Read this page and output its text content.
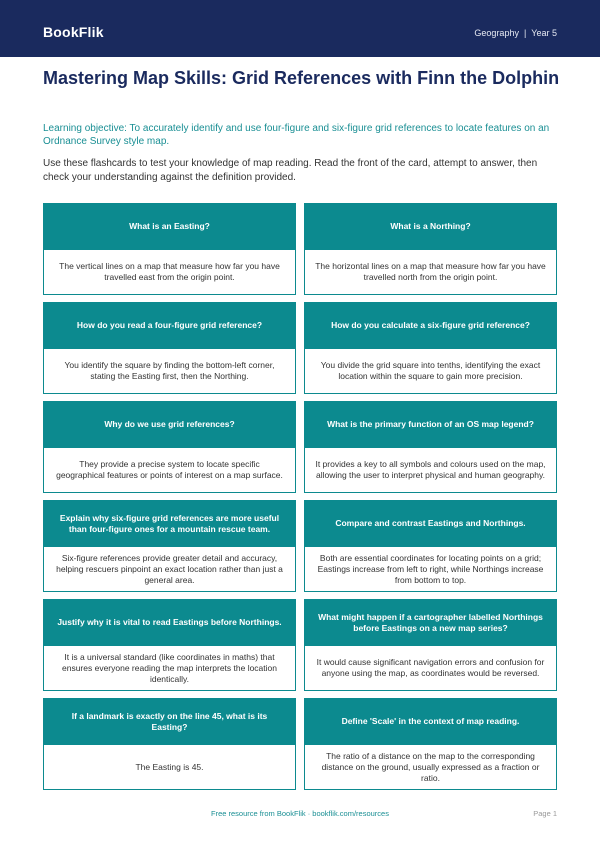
BookFlik	Geography | Year 5
Mastering Map Skills: Grid References with Finn the Dolphin

Learning objective: To accurately identify and use four-figure and six-figure grid references to locate features on an Ordnance Survey style map.

Use these flashcards to test your knowledge of map reading. Read the front of the card, attempt to answer, then check your understanding against the definition provided.

What is an Easting?
The vertical lines on a map that measure how far you have travelled east from the origin point.
What is a Northing?
The horizontal lines on a map that measure how far you have travelled north from the origin point.
How do you read a four-figure grid reference?
You identify the square by finding the bottom-left corner, stating the Easting first, then the Northing.
How do you calculate a six-figure grid reference?
You divide the grid square into tenths, identifying the exact location within the square to gain more precision.
Why do we use grid references?
They provide a precise system to locate specific geographical features or points of interest on a map surface.
What is the primary function of an OS map legend?
It provides a key to all symbols and colours used on the map, allowing the user to interpret physical and human geography.
Explain why six-figure grid references are more useful than four-figure ones for a mountain rescue team.
Six-figure references provide greater detail and accuracy, helping rescuers pinpoint an exact location rather than just a general area.
Compare and contrast Eastings and Northings.
Both are essential coordinates for locating points on a grid; Eastings increase from left to right, while Northings increase from bottom to top.
Justify why it is vital to read Eastings before Northings.
It is a universal standard (like coordinates in maths) that ensures everyone reading the map interprets the location identically.
What might happen if a cartographer labelled Northings before Eastings on a new map series?
It would cause significant navigation errors and confusion for anyone using the map, as coordinates would be reversed.
If a landmark is exactly on the line 45, what is its Easting?
The Easting is 45.
Define 'Scale' in the context of map reading.
The ratio of a distance on the map to the corresponding distance on the ground, usually expressed as a fraction or ratio.
Free resource from BookFlik · bookflik.com/resources	Page 1
